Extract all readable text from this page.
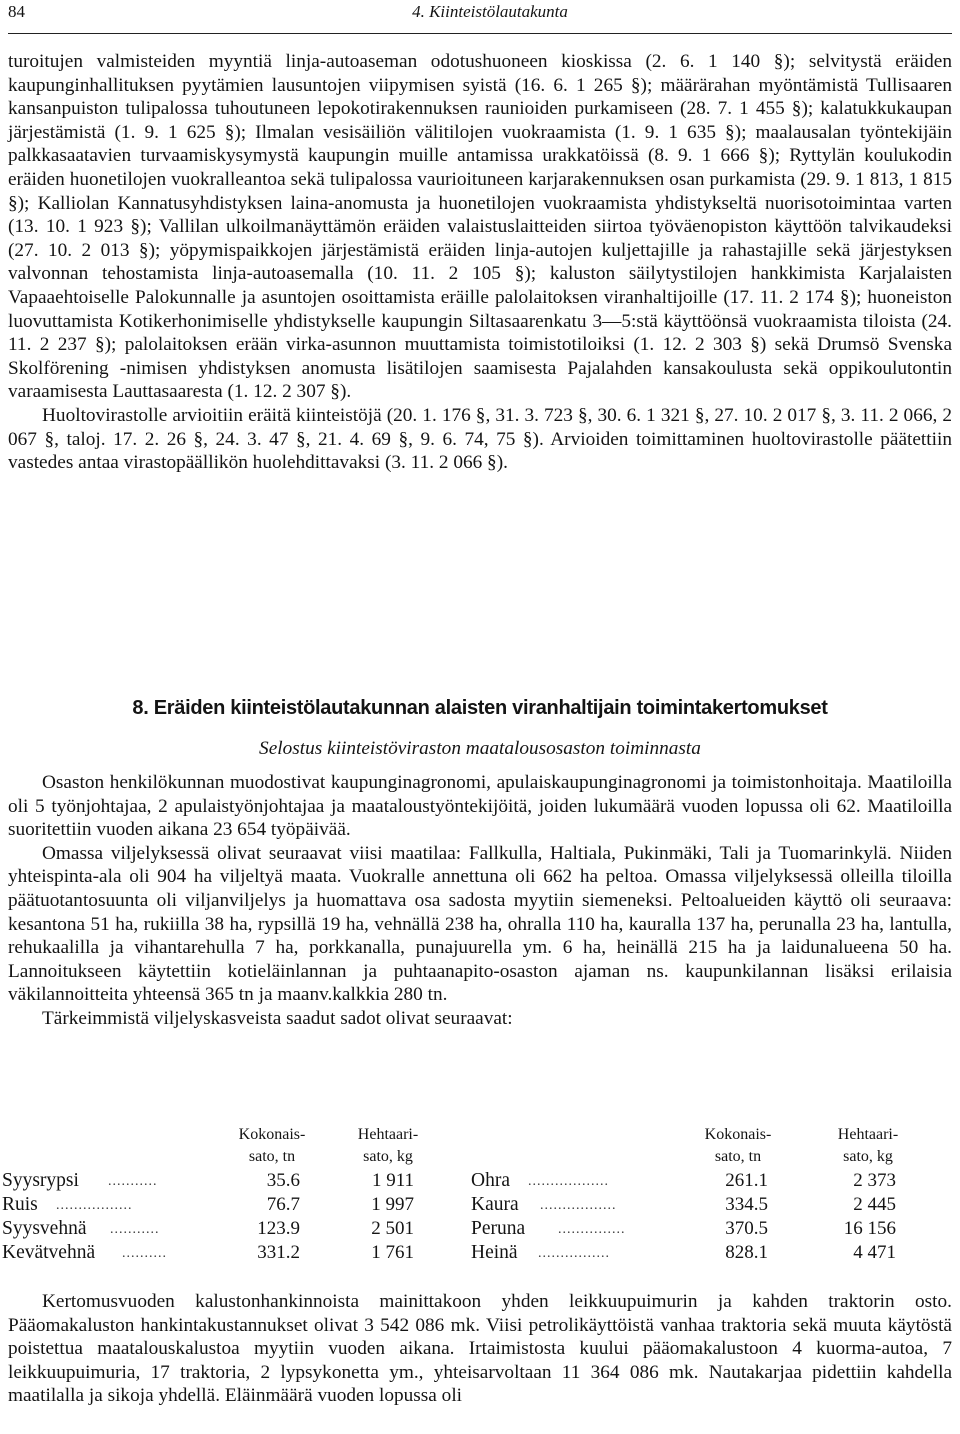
84	4. Kiinteistölautakunta

turoitujen valmisteiden myyntiä linja-autoaseman odotushuoneen kioskissa (2. 6. 1 140 §); selvitystä eräiden kaupunginhallituksen pyytämien lausuntojen viipymisen syistä (16. 6. 1 265 §); määrärahan myöntämistä Tullisaaren kansanpuiston tulipalossa tuhoutuneen lepokotirakennuksen raunioiden purkamiseen (28. 7. 1 455 §); kalatukkukaupan järjestämistä (1. 9. 1 625 §); Ilmalan vesisäiliön välitilojen vuokraamista (1. 9. 1 635 §); maalausalan työntekijäin palkkasaatavien turvaamiskysymystä kaupungin muille antamissa urakkatöissä (8. 9. 1 666 §); Ryttylän koulukodin eräiden huonetilojen vuokralleantoa sekä tulipalossa vaurioituneen karjarakennuksen osan purkamista (29. 9. 1 813, 1 815 §); Kalliolan Kannatusyhdistyksen laina-anomusta ja huonetilojen vuokraamista yhdistykseltä nuorisotoimintaa varten (13. 10. 1 923 §); Vallilan ulkoilmanäyttämön eräiden valaistuslaitteiden siirtoa työväenopiston käyttöön talvikaudeksi (27. 10. 2 013 §); yöpymispaikkojen järjestämistä eräiden linja-autojen kuljettajille ja rahastajille sekä järjestyksen valvonnan tehostamista linja-autoasemalla (10. 11. 2 105 §); kaluston säilytystilojen hankkimista Karjalaisten Vapaaehtoiselle Palokunnalle ja asuntojen osoittamista eräille palolaitoksen viranhaltijoille (17. 11. 2 174 §); huoneiston luovuttamista Kotikerhonimiselle yhdistykselle kaupungin Siltasaarenkatu 3—5:stä käyttöönsä vuokraamista tiloista (24. 11. 2 237 §); palolaitoksen erään virka-asunnon muuttamista toimistotiloiksi (1. 12. 2 303 §) sekä Drumsö Svenska Skolförening -nimisen yhdistyksen anomusta lisätilojen saamisesta Pajalahden kansakoulusta sekä oppikoulutontin varaamisesta Lauttasaaresta (1. 12. 2 307 §).

Huoltovirastolle arvioitiin eräitä kiinteistöjä (20. 1. 176 §, 31. 3. 723 §, 30. 6. 1 321 §, 27. 10. 2 017 §, 3. 11. 2 066, 2 067 §, taloj. 17. 2. 26 §, 24. 3. 47 §, 21. 4. 69 §, 9. 6. 74, 75 §). Arvioiden toimittaminen huoltovirastolle päätettiin vastedes antaa virastopäällikön huolehdittavaksi (3. 11. 2 066 §).

8. Eräiden kiinteistölautakunnan alaisten viranhaltijain toimintakertomukset
Selostus kiinteistöviraston maatalousosaston toiminnasta

Osaston henkilökunnan muodostivat kaupunginagronomi, apulaiskaupunginagronomi ja toimistonhoitaja. Maatiloilla oli 5 työnjohtajaa, 2 apulaistyönjohtajaa ja maataloustyöntekijöitä, joiden lukumäärä vuoden lopussa oli 62. Maatiloilla suoritettiin vuoden aikana 23 654 työpäivää.

Omassa viljelyksessä olivat seuraavat viisi maatilaa: Fallkulla, Haltiala, Pukinmäki, Tali ja Tuomarinkylä. Niiden yhteispinta-ala oli 904 ha viljeltyä maata. Vuokralle annettuna oli 662 ha peltoa. Omassa viljelyksessä olleilla tiloilla päätuotantosuunta oli viljanviljelys ja huomattava osa sadosta myytiin siemeneksi. Peltoalueiden käyttö oli seuraava: kesantona 51 ha, rukiilla 38 ha, rypsillä 19 ha, vehnällä 238 ha, ohralla 110 ha, kauralla 137 ha, perunalla 23 ha, lantulla, rehukaalilla ja vihantarehulla 7 ha, porkkanalla, punajuurella ym. 6 ha, heinällä 215 ha ja laidunalueena 50 ha. Lannoitukseen käytettiin kotieläinlannan ja puhtaanapito-osaston ajaman ns. kaupunkilannan lisäksi erilaisia väkilannoitteita yhteensä 365 tn ja maanv.kalkkia 280 tn.

Tärkeimmistä viljelyskasveista saadut sadot olivat seuraavat:

Kokonais-
sato, tn
Hehtaari-
sato, kg
Kokonais-
sato, tn
Hehtaari-
sato, kg
Syysrypsi ...........	35.6	1 911	Ohra ..................	261.1	2 373
Ruis .................	76.7	1 997	Kaura .................	334.5	2 445
Syysvehnä ...........	123.9	2 501	Peruna ...............	370.5	16 156
Kevätvehnä ..........	331.2	1 761	Heinä ................	828.1	4 471

Kertomusvuoden kalustonhankinnoista mainittakoon yhden leikkuupuimurin ja kahden traktorin osto. Pääomakaluston hankintakustannukset olivat 3 542 086 mk. Viisi petrolikäyttöistä vanhaa traktoria sekä muuta käytöstä poistettua maatalouskalustoa myytiin vuoden aikana. Irtaimistosta kuului pääomakalustoon 4 kuorma-autoa, 7 leikkuupuimuria, 17 traktoria, 2 lypsykonetta ym., yhteisarvoltaan 11 364 086 mk. Nautakarjaa pidettiin kahdella maatilalla ja sikoja yhdellä. Eläinmäärä vuoden lopussa oli
